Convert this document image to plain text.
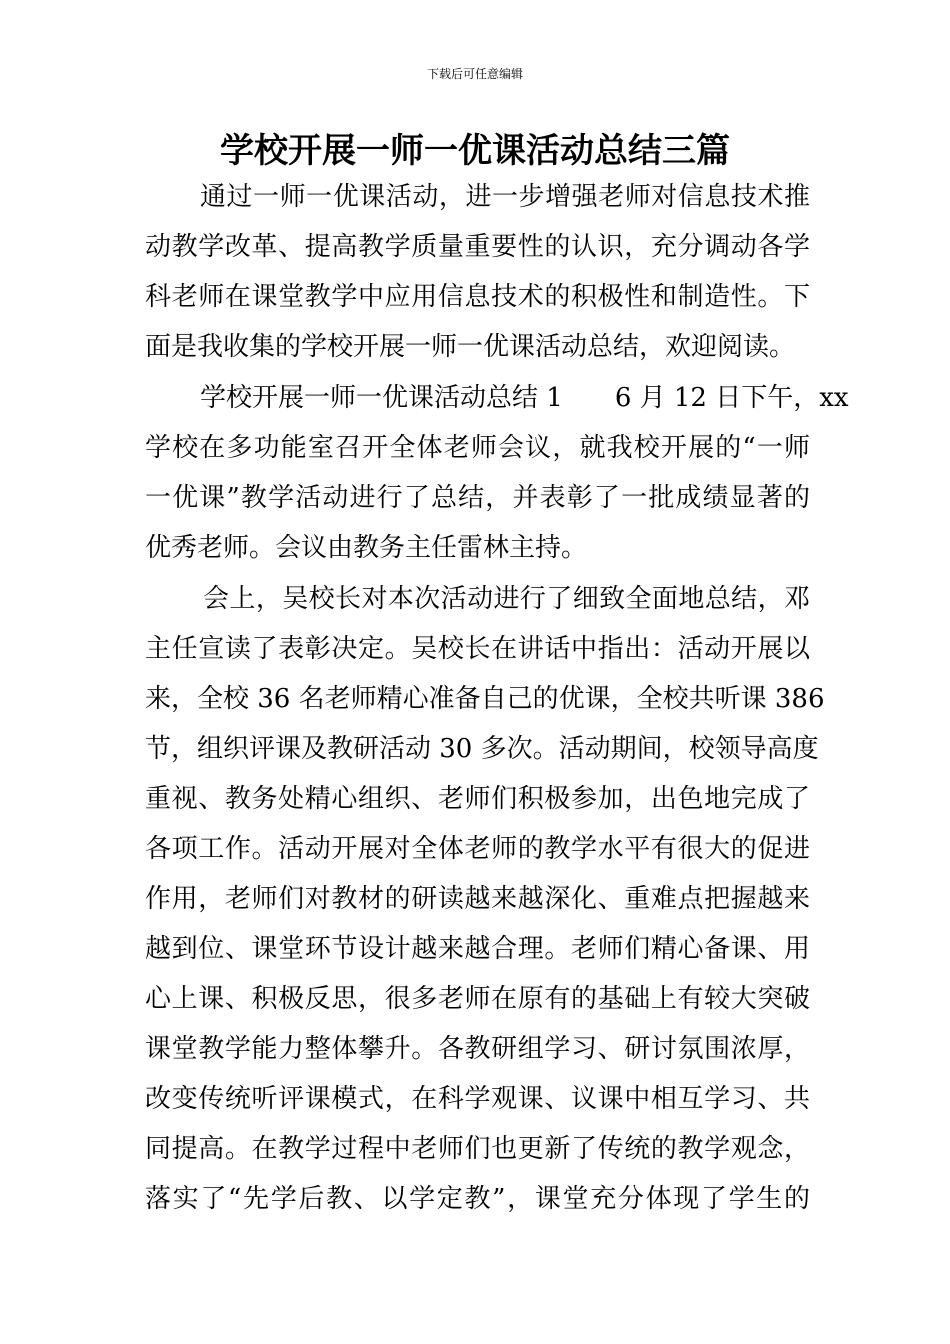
下载后可任意编辑
学校开展一师一优课活动总结三篇
通过一师一优课活动，进一步增强老师对信息技术推
动教学改革、提高教学质量重要性的认识，充分调动各学
科老师在课堂教学中应用信息技术的积极性和制造性。下
面是我收集的学校开展一师一优课活动总结，欢迎阅读。
学校开展一师一优课活动总结 1 6 月 12 日下午，xx
学校在多功能室召开全体老师会议，就我校开展的“一师
一优课”教学活动进行了总结，并表彰了一批成绩显著的
优秀老师。会议由教务主任雷林主持。
会上，吴校长对本次活动进行了细致全面地总结，邓
主任宣读了表彰决定。吴校长在讲话中指出：活动开展以
来，全校 36 名老师精心准备自己的优课，全校共听课 386
节，组织评课及教研活动 30 多次。活动期间，校领导高度
重视、教务处精心组织、老师们积极参加，出色地完成了
各项工作。活动开展对全体老师的教学水平有很大的促进
作用，老师们对教材的研读越来越深化、重难点把握越来
越到位、课堂环节设计越来越合理。老师们精心备课、用
心上课、积极反思，很多老师在原有的基础上有较大突破
课堂教学能力整体攀升。各教研组学习、研讨氛围浓厚，
改变传统听评课模式，在科学观课、议课中相互学习、共
同提高。在教学过程中老师们也更新了传统的教学观念，
落实了“先学后教、以学定教”，课堂充分体现了学生的
